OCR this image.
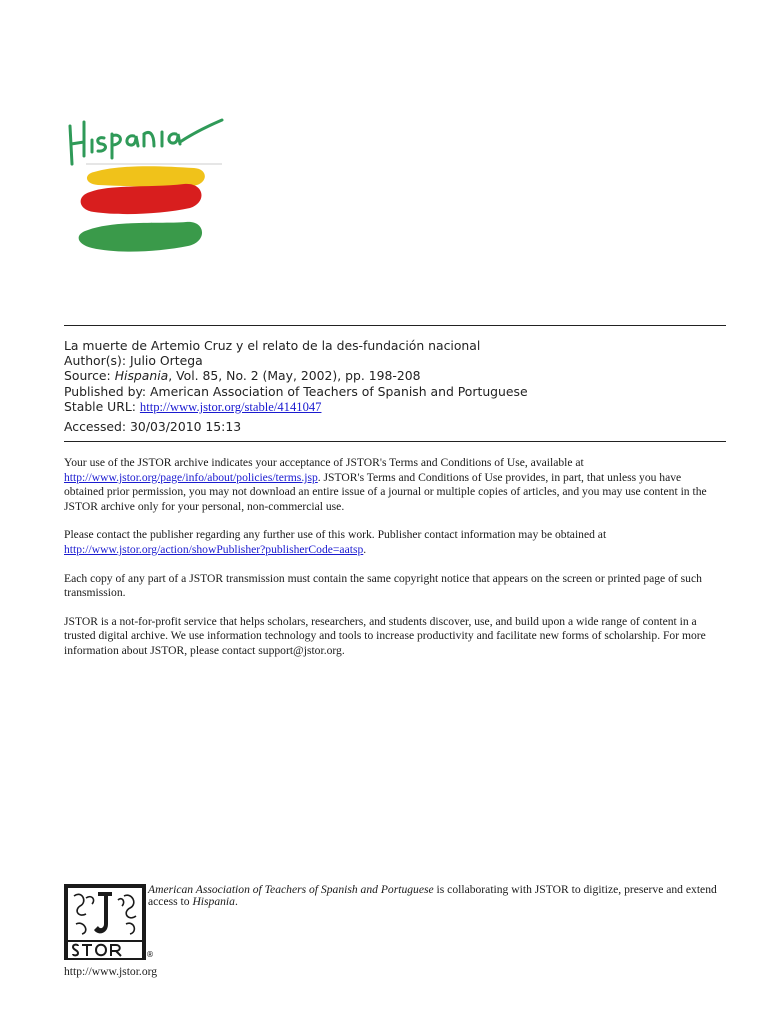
La muerte de Artemio Cruz y el relato de la des-fundación nacional
Author(s): Julio Ortega
Source: Hispania, Vol. 85, No. 2 (May, 2002), pp. 198-208
Published by: American Association of Teachers of Spanish and Portuguese
Stable URL: http://www.jstor.org/stable/4141047
Accessed: 30/03/2010 15:13

Your use of the JSTOR archive indicates your acceptance of JSTOR's Terms and Conditions of Use, available at http://www.jstor.org/page/info/about/policies/terms.jsp. JSTOR's Terms and Conditions of Use provides, in part, that unless you have obtained prior permission, you may not download an entire issue of a journal or multiple copies of articles, and you may use content in the JSTOR archive only for your personal, non-commercial use.

Please contact the publisher regarding any further use of this work. Publisher contact information may be obtained at http://www.jstor.org/action/showPublisher?publisherCode=aatsp.

Each copy of any part of a JSTOR transmission must contain the same copyright notice that appears on the screen or printed page of such transmission.

JSTOR is a not-for-profit service that helps scholars, researchers, and students discover, use, and build upon a wide range of content in a trusted digital archive. We use information technology and tools to increase productivity and facilitate new forms of scholarship. For more information about JSTOR, please contact support@jstor.org.

®
American Association of Teachers of Spanish and Portuguese is collaborating with JSTOR to digitize, preserve and extend access to Hispania.
http://www.jstor.org
